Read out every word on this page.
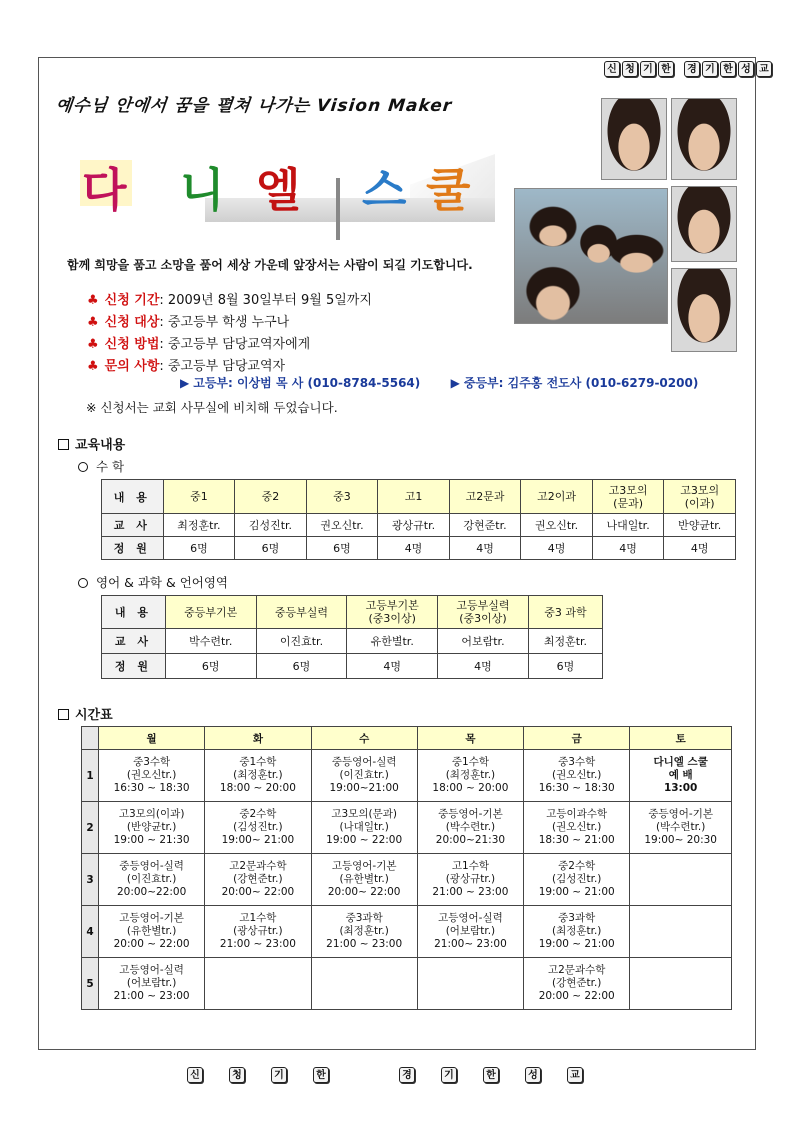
신 청 기 한	경 기 한 성 교
예수님 안에서 꿈을 펼쳐 나가는 Vision Maker
다 니 엘 스 쿨
함께 희망을 품고 소망을 품어 세상 가운데 앞장서는 사람이 되길 기도합니다.
♣ 신청 기간: 2009년 8월 30일부터 9월 5일까지
♣ 신청 대상: 중고등부 학생 누구나
♣ 신청 방법: 중고등부 담당교역자에게
♣ 문의 사항: 중고등부 담당교역자
▶ 고등부: 이상범 목 사 (010-8784-5564)	▶ 중등부: 김주홍 전도사 (010-6279-0200)
※ 신청서는 교회 사무실에 비치해 두었습니다.
교육내용
수 학
내 용	중1	중2	중3	고1	고2문과	고2이과	고3모의
(문과)	고3모의
(이과)

교 사	최정훈tr.	김성진tr.	권오신tr.	광상규tr.	강현준tr.	권오신tr.	나대일tr.	반양균tr.
정 원	6명	6명	6명	4명	4명	4명	4명	4명
영어 & 과학 & 언어영역
내 용	중등부기본	중등부실력	고등부기본
(중3이상)	고등부실력
(중3이상)	중3 과학

교 사	박수련tr.	이진효tr.	유한별tr.	어보람tr.	최정훈tr.
정 원	6명	6명	4명	4명	6명
시간표
	월	화	수	목	금	토
1	중3수학
(권오신tr.)
16:30 ~ 18:30	중1수학
(최정훈tr.)
18:00 ~ 20:00	중등영어-실력
(이진효tr.)
19:00~21:00	중1수학
(최정훈tr.)
18:00 ~ 20:00	중3수학
(권오신tr.)
16:30 ~ 18:30	다니엘 스쿨
예 배
13:00

2	고3모의(이과)
(반양균tr.)
19:00 ~ 21:30	중2수학
(김성진tr.)
19:00~ 21:00	고3모의(문과)
(나대일tr.)
19:00 ~ 22:00	중등영어-기본
(박수련tr.)
20:00~21:30	고등이과수학
(권오신tr.)
18:30 ~ 21:00	중등영어-기본
(박수련tr.)
19:00~ 20:30

3	중등영어-실력
(이진효tr.)
20:00~22:00	고2문과수학
(강현준tr.)
20:00~ 22:00	고등영어-기본
(유한별tr.)
20:00~ 22:00	고1수학
(광상규tr.)
21:00 ~ 23:00	중2수학
(김성진tr.)
19:00 ~ 21:00	

4	고등영어-기본
(유한별tr.)
20:00 ~ 22:00	고1수학
(광상규tr.)
21:00 ~ 23:00	중3과학
(최정훈tr.)
21:00 ~ 23:00	고등영어-실력
(어보람tr.)
21:00~ 23:00	중3과학
(최정훈tr.)
19:00 ~ 21:00	

5	고등영어-실력
(어보람tr.)
21:00 ~ 23:00				고2문과수학
(강현준tr.)
20:00 ~ 22:00	

신	청	기	한	경	기	한	성	교
